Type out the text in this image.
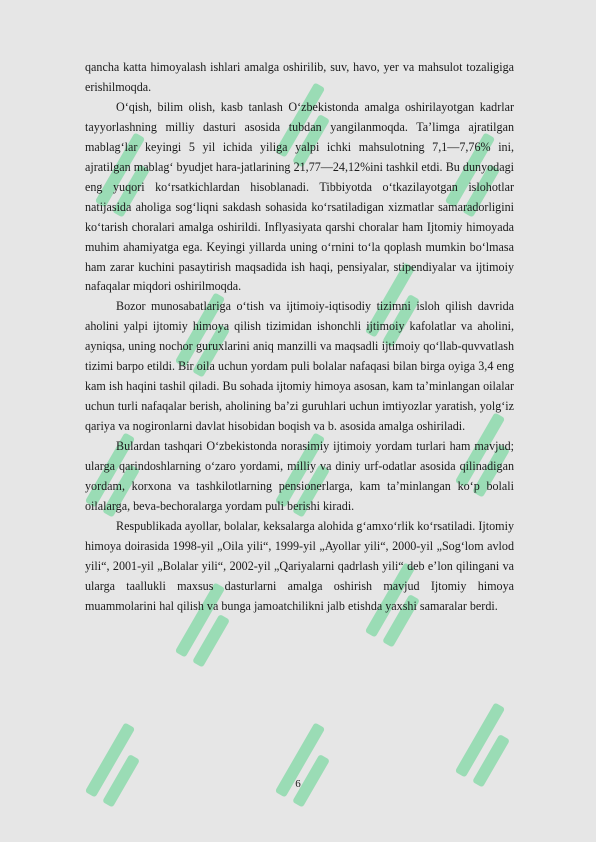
qancha katta himoyalash ishlari amalga oshirilib, suv, havo, yer va mahsulot tozaligiga erishilmoqda.

O‘qish, bilim olish, kasb tanlash O‘zbekistonda amalga oshirilayotgan kadrlar tayyorlashning milliy dasturi asosida tubdan yangilanmoqda. Ta’limga ajratilgan mablag‘lar keyingi 5 yil ichida yiliga yalpi ichki mahsulotning 7,1—7,76% ini, ajratilgan mablag‘ byudjet hara-jatlarining 21,77—24,12%ini tashkil etdi. Bu dunyodagi eng yuqori ko‘rsatkichlardan hisoblanadi. Tibbiyotda o‘tkazilayotgan islohotlar natijasida aholiga sog‘liqni sakdash sohasida ko‘rsatiladigan xizmatlar samaradorligini ko‘tarish choralari amalga oshirildi. Inflyasiyata qarshi choralar ham Ijtomiy himoyada muhim ahamiyatga ega. Keyingi yillarda uning o‘rnini to‘la qoplash mumkin bo‘lmasa ham zarar kuchini pasaytirish maqsadida ish haqi, pensiyalar, stipendiyalar va ijtimoiy nafaqalar miqdori oshirilmoqda.

Bozor munosabatlariga o‘tish va ijtimoiy-iqtisodiy tizimni isloh qilish davrida aholini yalpi ijtomiy himoya qilish tizimidan ishonchli ijtimoiy kafolatlar va aholini, ayniqsa, uning nochor guruxlarini aniq manzilli va maqsadli ijtimoiy qo‘llab-quvvatlash tizimi barpo etildi. Bir oila uchun yordam puli bolalar nafaqasi bilan birga oyiga 3,4 eng kam ish haqini tashil qiladi. Bu sohada ijtomiy himoya asosan, kam ta’minlangan oilalar uchun turli nafaqalar berish, aholining ba’zi guruhlari uchun imtiyozlar yaratish, yolg‘iz qariya va nogironlarni davlat hisobidan boqish va b. asosida amalga oshiriladi.

Bulardan tashqari O‘zbekistonda norasimiy ijtimoiy yordam turlari ham mavjud; ularga qarindoshlarning o‘zaro yordami, milliy va diniy urf-odatlar asosida qilinadigan yordam, korxona va tashkilotlarning pensionerlarga, kam ta’minlangan ko‘p bolali oilalarga, beva-bechoralarga yordam puli berishi kiradi.

Respublikada ayollar, bolalar, keksalarga alohida g‘amxo‘rlik ko‘rsatiladi. Ijtomiy himoya doirasida 1998-yil „Oila yili“, 1999-yil „Ayollar yili“, 2000-yil „Sog‘lom avlod yili“, 2001-yil „Bolalar yili“, 2002-yil „Qariyalarni qadrlash yili“ deb e’lon qilingani va ularga taallukli maxsus dasturlarni amalga oshirish mavjud Ijtomiy himoya muammolarini hal qilish va bunga jamoatchilikni jalb etishda yaxshi samaralar berdi.

6
